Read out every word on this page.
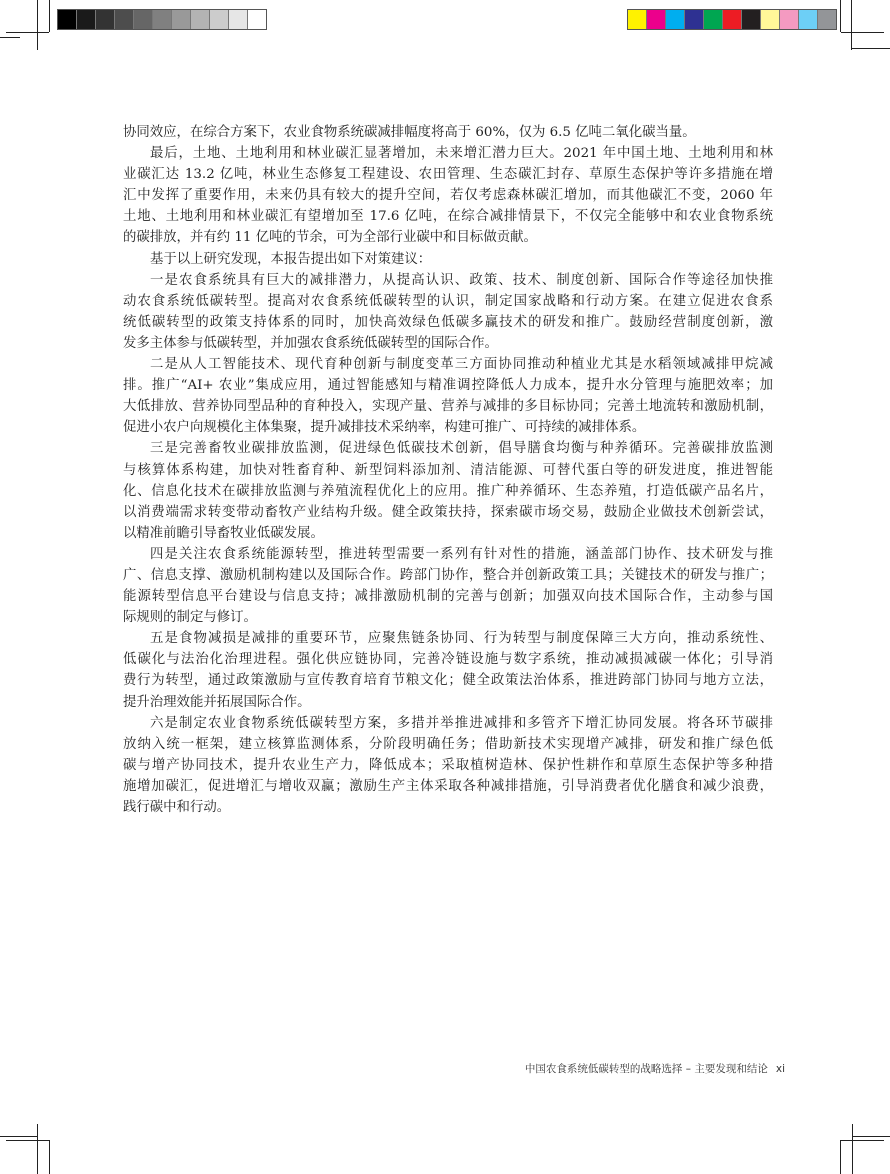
协同效应，在综合方案下，农业食物系统碳减排幅度将高于 60%，仅为 6.5 亿吨二氧化碳当量。
最后，土地、土地利用和林业碳汇显著增加，未来增汇潜力巨大。2021 年中国土地、土地利用和林
业碳汇达 13.2 亿吨，林业生态修复工程建设、农田管理、生态碳汇封存、草原生态保护等许多措施在增
汇中发挥了重要作用，未来仍具有较大的提升空间，若仅考虑森林碳汇增加，而其他碳汇不变，2060 年
土地、土地利用和林业碳汇有望增加至 17.6 亿吨，在综合减排情景下，不仅完全能够中和农业食物系统
的碳排放，并有约 11 亿吨的节余，可为全部行业碳中和目标做贡献。
基于以上研究发现，本报告提出如下对策建议：
一是农食系统具有巨大的减排潜力，从提高认识、政策、技术、制度创新、国际合作等途径加快推
动农食系统低碳转型。提高对农食系统低碳转型的认识，制定国家战略和行动方案。在建立促进农食系
统低碳转型的政策支持体系的同时，加快高效绿色低碳多赢技术的研发和推广。鼓励经营制度创新，激
发多主体参与低碳转型，并加强农食系统低碳转型的国际合作。
二是从人工智能技术、现代育种创新与制度变革三方面协同推动种植业尤其是水稻领域减排甲烷减
排。推广“AI+ 农业”集成应用，通过智能感知与精准调控降低人力成本，提升水分管理与施肥效率；加
大低排放、营养协同型品种的育种投入，实现产量、营养与减排的多目标协同；完善土地流转和激励机制，
促进小农户向规模化主体集聚，提升减排技术采纳率，构建可推广、可持续的减排体系。
三是完善畜牧业碳排放监测，促进绿色低碳技术创新，倡导膳食均衡与种养循环。完善碳排放监测
与核算体系构建，加快对牲畜育种、新型饲料添加剂、清洁能源、可替代蛋白等的研发进度，推进智能
化、信息化技术在碳排放监测与养殖流程优化上的应用。推广种养循环、生态养殖，打造低碳产品名片，
以消费端需求转变带动畜牧产业结构升级。健全政策扶持，探索碳市场交易，鼓励企业做技术创新尝试，
以精准前瞻引导畜牧业低碳发展。
四是关注农食系统能源转型，推进转型需要一系列有针对性的措施，涵盖部门协作、技术研发与推
广、信息支撑、激励机制构建以及国际合作。跨部门协作，整合并创新政策工具；关键技术的研发与推广；
能源转型信息平台建设与信息支持；减排激励机制的完善与创新；加强双向技术国际合作，主动参与国
际规则的制定与修订。
五是食物减损是减排的重要环节，应聚焦链条协同、行为转型与制度保障三大方向，推动系统性、
低碳化与法治化治理进程。强化供应链协同，完善冷链设施与数字系统，推动减损减碳一体化；引导消
费行为转型，通过政策激励与宣传教育培育节粮文化；健全政策法治体系，推进跨部门协同与地方立法，
提升治理效能并拓展国际合作。
六是制定农业食物系统低碳转型方案，多措并举推进减排和多管齐下增汇协同发展。将各环节碳排
放纳入统一框架，建立核算监测体系，分阶段明确任务；借助新技术实现增产减排，研发和推广绿色低
碳与增产协同技术，提升农业生产力，降低成本；采取植树造林、保护性耕作和草原生态保护等多种措
施增加碳汇，促进增汇与增收双赢；激励生产主体采取各种减排措施，引导消费者优化膳食和减少浪费，
践行碳中和行动。
中国农食系统低碳转型的战略选择 – 主要发现和结论 xi
